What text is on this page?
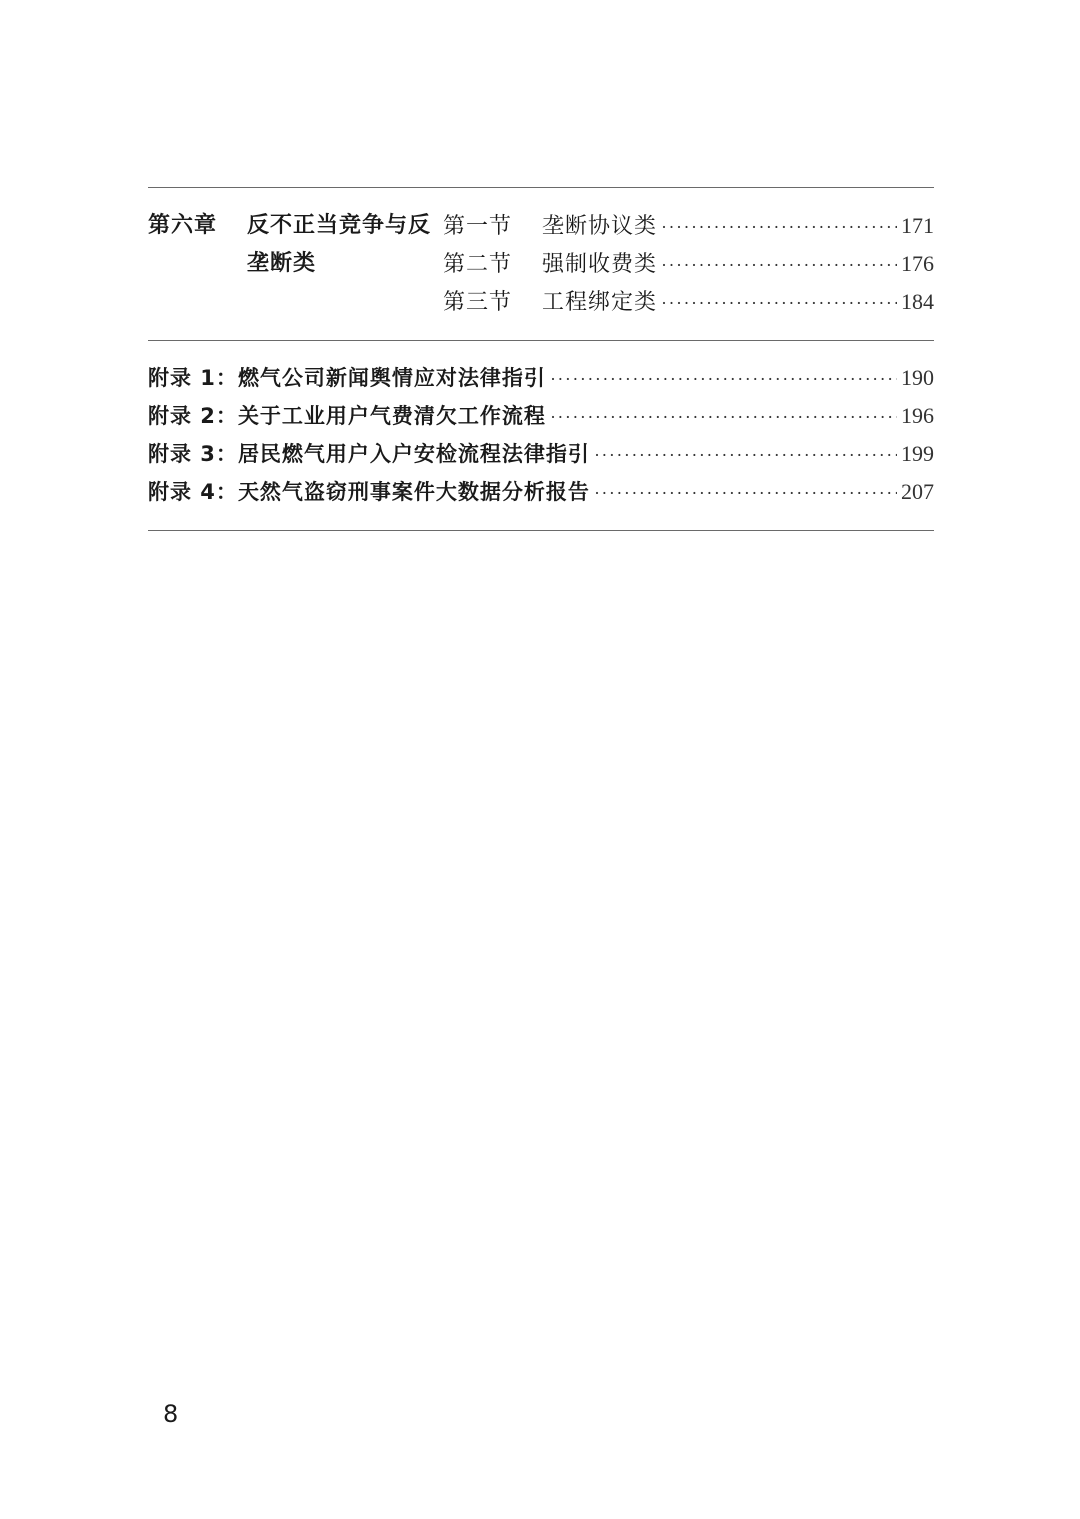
第六章 反不正当竞争与反垄断类
第一节	垄断协议类 ·····	171
第二节	强制收费类 ·····	176
第三节	工程绑定类 ·····	184
附录 1： 燃气公司新闻舆情应对法律指引 ·····	190
附录 2： 关于工业用户气费清欠工作流程 ·····	196
附录 3： 居民燃气用户入户安检流程法律指引 ·····	199
附录 4： 天然气盗窃刑事案件大数据分析报告 ·····	207
8
